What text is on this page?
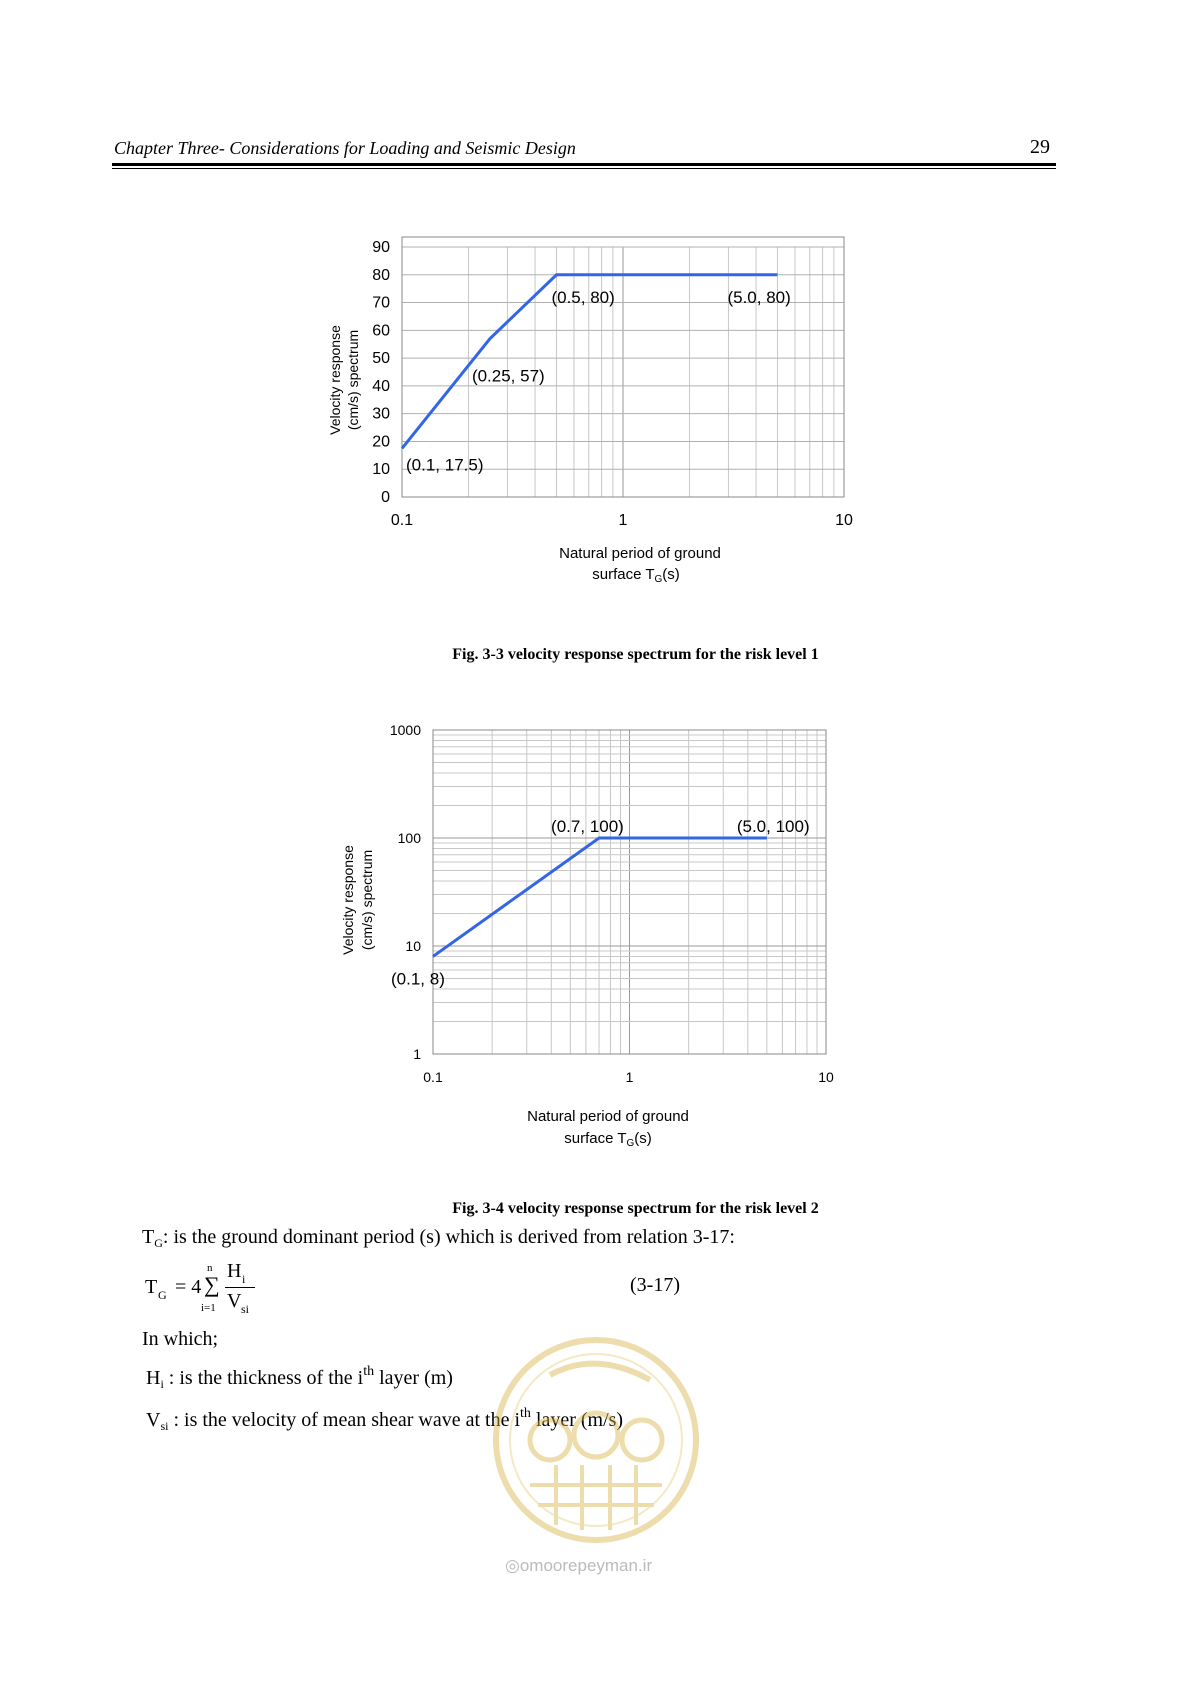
Chapter Three- Considerations for Loading and Seismic Design	29
0
10
20
30
40
50
60
70
80
90
0.1	1	10
(0.1, 17.5)
(0.25, 57)
(0.5, 80)	(5.0, 80)
Velocity response (cm/s) spectrum
Natural period of ground
surface $T_G(s)$
Fig. 3-3 velocity response spectrum for the risk level 1
1
10
100
1000
0.1	1	10
(0.1, 8)
(0.7, 100)	(5.0, 100)
Velocity response (cm/s) spectrum
Natural period of ground
surface $T_G(s)$
Fig. 3-4 velocity response spectrum for the risk level 2
$T_G$: is the ground dominant period (s) which is derived from relation 3-17:
T G = 4
n
∑
i=1
H i
V si
(3-17)
In which;
$H_i$ : is the thickness of the $i^{th}$ layer (m)
$V_{si}$ : is the velocity of mean shear wave at the $i^{th}$ layer (m/s)
◎omoorepeyman.ir
